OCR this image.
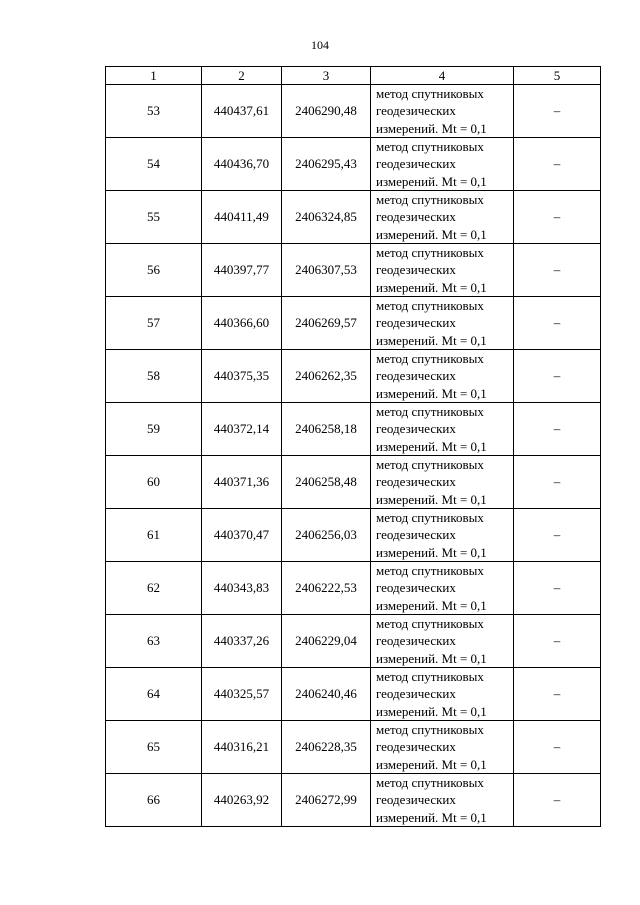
104
1	2	3	4	5
53	440437,61	2406290,48	метод спутниковых
геодезических
измерений. Mt = 0,1	–
54	440436,70	2406295,43	метод спутниковых
геодезических
измерений. Mt = 0,1	–
55	440411,49	2406324,85	метод спутниковых
геодезических
измерений. Mt = 0,1	–
56	440397,77	2406307,53	метод спутниковых
геодезических
измерений. Mt = 0,1	–
57	440366,60	2406269,57	метод спутниковых
геодезических
измерений. Mt = 0,1	–
58	440375,35	2406262,35	метод спутниковых
геодезических
измерений. Mt = 0,1	–
59	440372,14	2406258,18	метод спутниковых
геодезических
измерений. Mt = 0,1	–
60	440371,36	2406258,48	метод спутниковых
геодезических
измерений. Mt = 0,1	–
61	440370,47	2406256,03	метод спутниковых
геодезических
измерений. Mt = 0,1	–
62	440343,83	2406222,53	метод спутниковых
геодезических
измерений. Mt = 0,1	–
63	440337,26	2406229,04	метод спутниковых
геодезических
измерений. Mt = 0,1	–
64	440325,57	2406240,46	метод спутниковых
геодезических
измерений. Mt = 0,1	–
65	440316,21	2406228,35	метод спутниковых
геодезических
измерений. Mt = 0,1	–
66	440263,92	2406272,99	метод спутниковых
геодезических
измерений. Mt = 0,1	–
